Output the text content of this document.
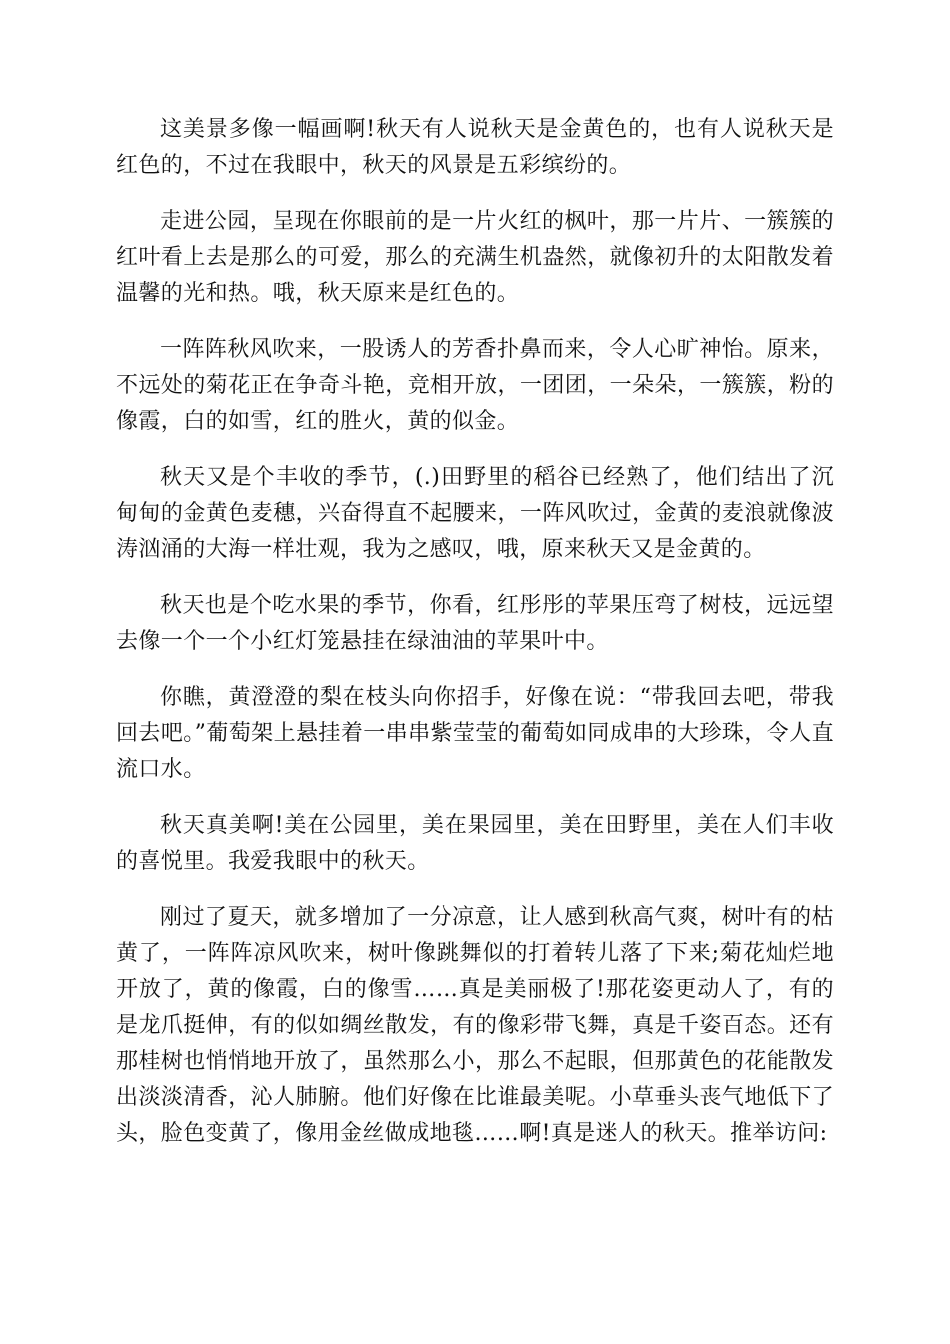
这美景多像一幅画啊!秋天有人说秋天是金黄色的，也有人说秋天是红色的，不过在我眼中，秋天的风景是五彩缤纷的。

走进公园，呈现在你眼前的是一片火红的枫叶，那一片片、一簇簇的红叶看上去是那么的可爱，那么的充满生机盎然，就像初升的太阳散发着温馨的光和热。哦，秋天原来是红色的。

一阵阵秋风吹来，一股诱人的芳香扑鼻而来，令人心旷神怡。原来，不远处的菊花正在争奇斗艳，竞相开放，一团团，一朵朵，一簇簇，粉的像霞，白的如雪，红的胜火，黄的似金。

秋天又是个丰收的季节，(.)田野里的稻谷已经熟了，他们结出了沉甸甸的金黄色麦穗，兴奋得直不起腰来，一阵风吹过，金黄的麦浪就像波涛汹涌的大海一样壮观，我为之感叹，哦，原来秋天又是金黄的。

秋天也是个吃水果的季节，你看，红彤彤的苹果压弯了树枝，远远望去像一个一个小红灯笼悬挂在绿油油的苹果叶中。

你瞧，黄澄澄的梨在枝头向你招手，好像在说：“带我回去吧，带我回去吧。”葡萄架上悬挂着一串串紫莹莹的葡萄如同成串的大珍珠，令人直流口水。

秋天真美啊!美在公园里，美在果园里，美在田野里，美在人们丰收的喜悦里。我爱我眼中的秋天。

刚过了夏天，就多增加了一分凉意，让人感到秋高气爽，树叶有的枯黄了，一阵阵凉风吹来，树叶像跳舞似的打着转儿落了下来;菊花灿烂地开放了，黄的像霞，白的像雪……真是美丽极了!那花姿更动人了，有的是龙爪挺伸，有的似如绸丝散发，有的像彩带飞舞，真是千姿百态。还有那桂树也悄悄地开放了，虽然那么小，那么不起眼，但那黄色的花能散发出淡淡清香，沁人肺腑。他们好像在比谁最美呢。小草垂头丧气地低下了头，脸色变黄了，像用金丝做成地毯……啊!真是迷人的秋天。推举访问:
